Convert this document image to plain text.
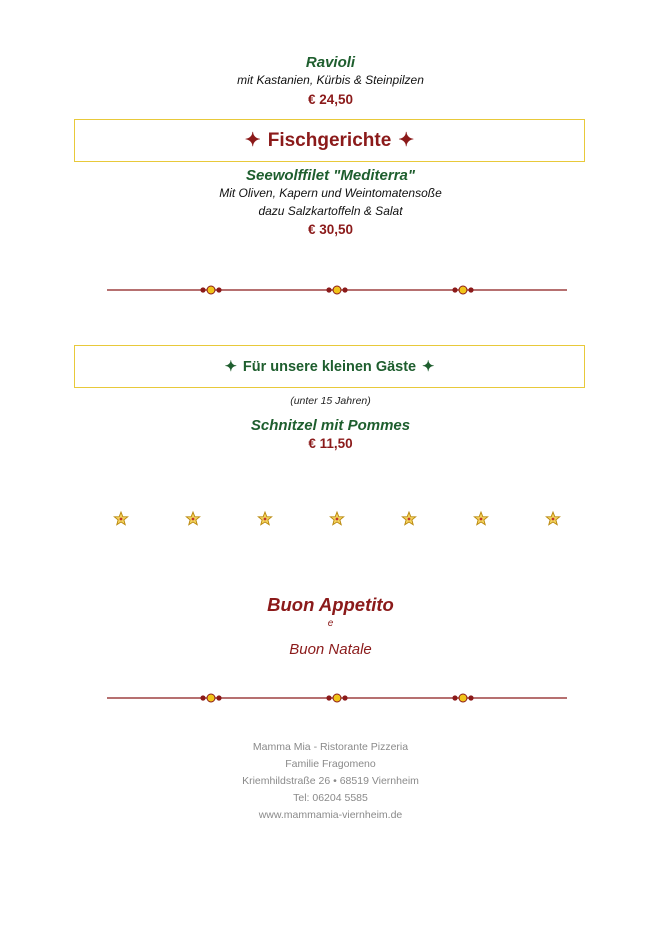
Ravioli
mit Kastanien, Kürbis & Steinpilzen
€ 24,50
✦ Fischgerichte ✦
Seewolffilet "Mediterra"
Mit Oliven, Kapern und Weintomatensoße
dazu Salzkartoffeln & Salat
€ 30,50
✦ Für unsere kleinen Gäste ✦
(unter 15 Jahren)
Schnitzel mit Pommes
€ 11,50
Buon Appetito
e
Buon Natale
Mamma Mia - Ristorante Pizzeria
Familie Fragomeno
Kriemhildstraße 26 • 68519 Viernheim
Tel: 06204 5585
www.mammamia-viernheim.de
